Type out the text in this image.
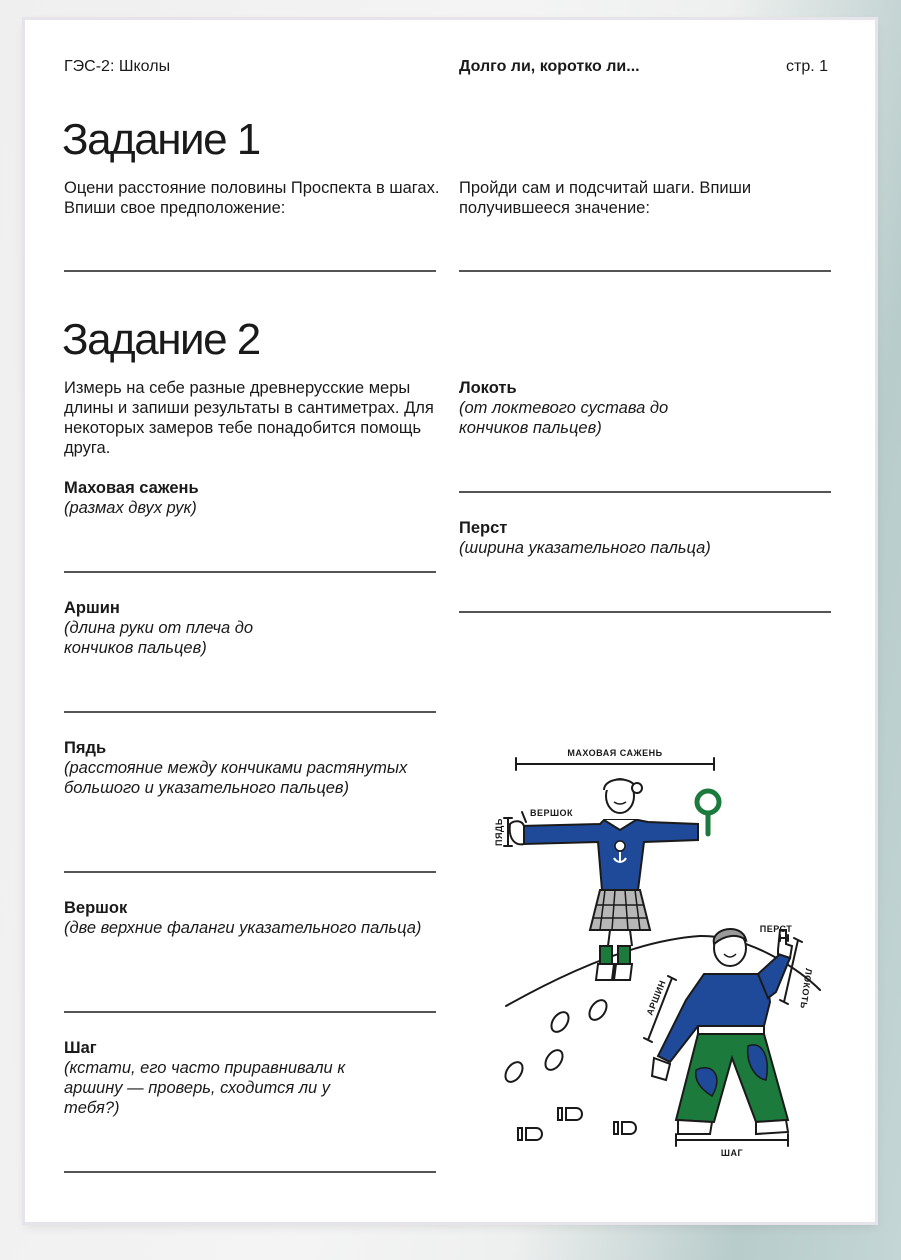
ГЭС-2: Школы	Долго ли, коротко ли...	стр. 1
Задание 1
Оцени расстояние половины Проспекта в шагах. Впиши свое предположение:
Пройди сам и подсчитай шаги. Впиши получившееся значение:
Задание 2
Измерь на себе разные древнерусские меры длины и запиши результаты в сантиметрах. Для некоторых замеров тебе понадобится помощь друга.
Маховая сажень
(размах двух рук)
Аршин
(длина руки от плеча до кончиков пальцев)
Пядь
(расстояние между кончиками растянутых большого и указательного пальцев)
Вершок
(две верхние фаланги указательного пальца)
Шаг
(кстати, его часто приравнивали к аршину — проверь, сходится ли у тебя?)
Локоть
(от локтевого сустава до кончиков пальцев)
Перст
(ширина указательного пальца)
МАХОВАЯ САЖЕНЬ
ВЕРШОК
ПЯДЬ
ПЕРСТ
АРШИН	ЛОКОТЬ
ШАГ
